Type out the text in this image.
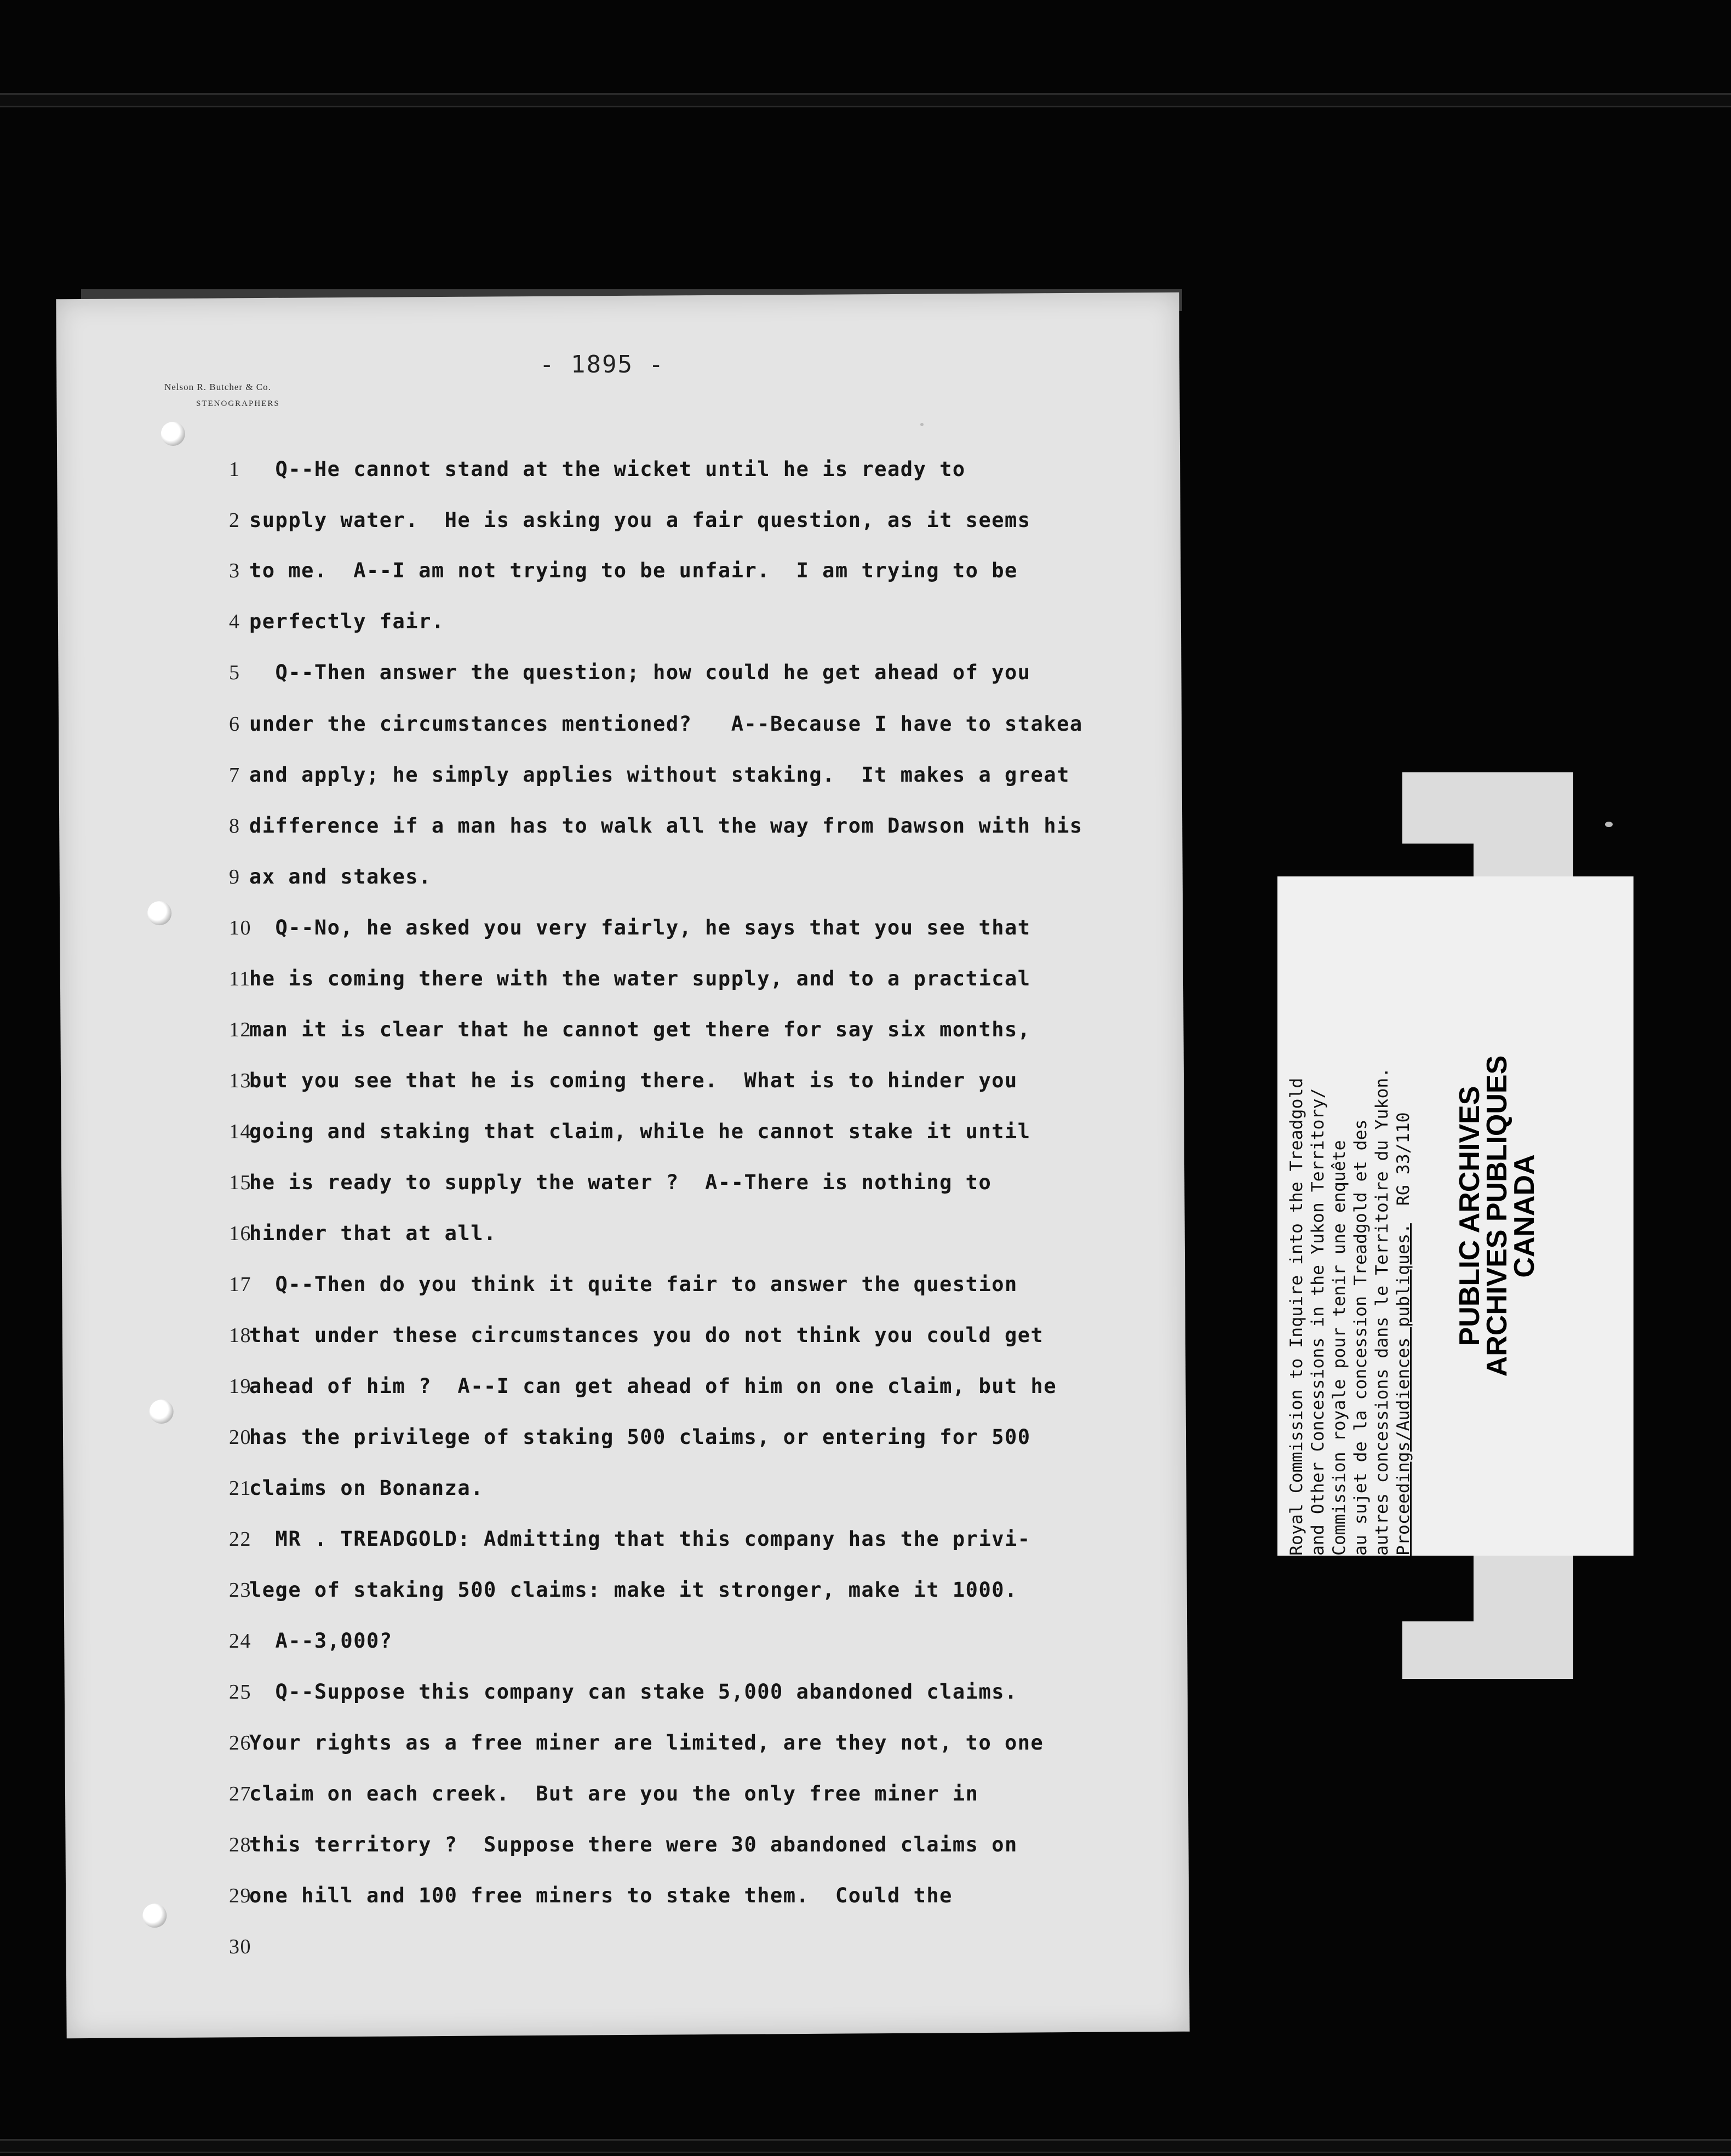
- 1895 -
Nelson R. Butcher & Co.
STENOGRAPHERS
1 Q--He cannot stand at the wicket until he is ready to
2 supply water.  He is asking you a fair question, as it seems
3 to me.  A--I am not trying to be unfair.  I am trying to be
4 perfectly fair.
5 Q--Then answer the question; how could he get ahead of you
6 under the circumstances mentioned?   A--Because I have to stakea
7 and apply; he simply applies without staking.  It makes a great
8 difference if a man has to walk all the way from Dawson with his
9 ax and stakes.
10
Q--No, he asked you very fairly, he says that you see that
11
he is coming there with the water supply, and to a practical
12
man it is clear that he cannot get there for say six months,
13
but you see that he is coming there.  What is to hinder you
14
going and staking that claim, while he cannot stake it until
15
he is ready to supply the water ?  A--There is nothing to
16
hinder that at all.
17
Q--Then do you think it quite fair to answer the question
18
that under these circumstances you do not think you could get
19
ahead of him ?  A--I can get ahead of him on one claim, but he
20
has the privilege of staking 500 claims, or entering for 500
21
claims on Bonanza.
22
MR . TREADGOLD: Admitting that this company has the privi-
23
lege of staking 500 claims: make it stronger, make it 1000.
24
A--3,000?
25
Q--Suppose this company can stake 5,000 abandoned claims.
26
Your rights as a free miner are limited, are they not, to one
27
claim on each creek.  But are you the only free miner in
28
this territory ?  Suppose there were 30 abandoned claims on
29
one hill and 100 free miners to stake them.  Could the
30
Royal Commission to Inquire into the Treadgold
and Other Concessions in the Yukon Territory/
Commission royale pour tenir une enquête
au sujet de la concession Treadgold et des
autres concessions dans le Territoire du Yukon.
Proceedings/Audiences publiques.RG 33/110	PUBLIC ARCHIVES
ARCHIVES PUBLIQUES
CANADA
